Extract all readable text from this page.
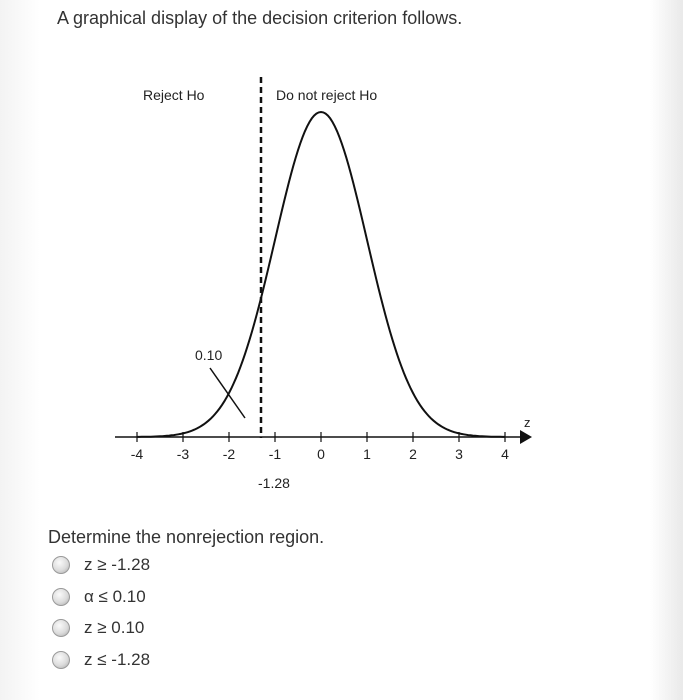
A graphical display of the decision criterion follows.
Reject Ho	Do not reject Ho
z
0.10
-4 -3 -2 -1	0	1	2	3	4
-1.28
Determine the nonrejection region.
z ≥ -1.28
α ≤ 0.10
z ≥ 0.10
z ≤ -1.28
